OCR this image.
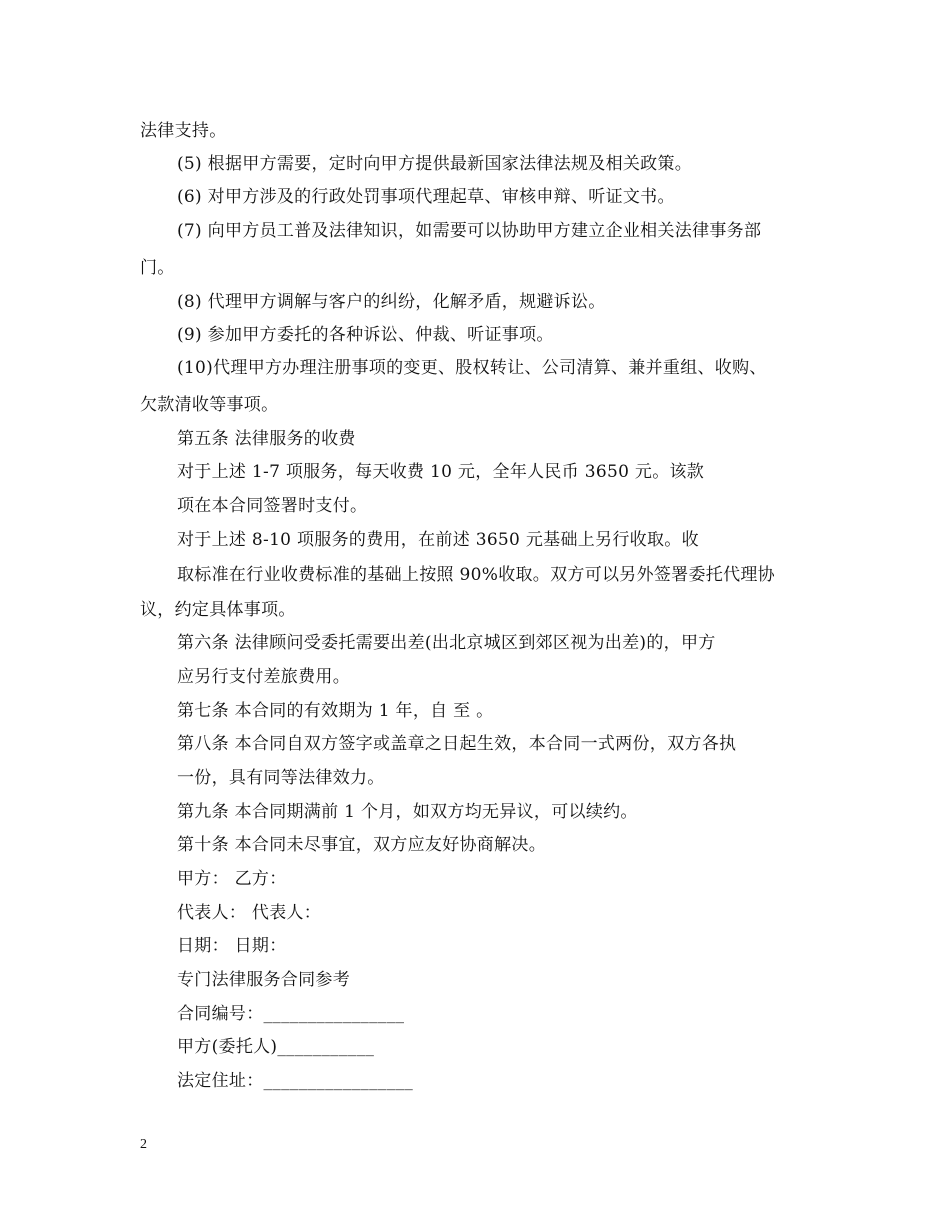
法律支持。
(5) 根据甲方需要，定时向甲方提供最新国家法律法规及相关政策。
(6) 对甲方涉及的行政处罚事项代理起草、审核申辩、听证文书。
(7) 向甲方员工普及法律知识，如需要可以协助甲方建立企业相关法律事务部
门。
(8) 代理甲方调解与客户的纠纷，化解矛盾，规避诉讼。
(9) 参加甲方委托的各种诉讼、仲裁、听证事项。
(10)代理甲方办理注册事项的变更、股权转让、公司清算、兼并重组、收购、
欠款清收等事项。
第五条 法律服务的收费
对于上述 1-7 项服务，每天收费 10 元，全年人民币 3650 元。该款
项在本合同签署时支付。
对于上述 8-10 项服务的费用，在前述 3650 元基础上另行收取。收
取标准在行业收费标准的基础上按照 90%收取。双方可以另外签署委托代理协
议，约定具体事项。
第六条 法律顾问受委托需要出差(出北京城区到郊区视为出差)的，甲方
应另行支付差旅费用。
第七条 本合同的有效期为 1 年，自 至 。
第八条 本合同自双方签字或盖章之日起生效，本合同一式两份，双方各执
一份，具有同等法律效力。
第九条 本合同期满前 1 个月，如双方均无异议，可以续约。
第十条 本合同未尽事宜，双方应友好协商解决。
甲方： 乙方：
代表人： 代表人：
日期： 日期：
专门法律服务合同参考
合同编号：________________
甲方(委托人)___________
法定住址：_________________
2
